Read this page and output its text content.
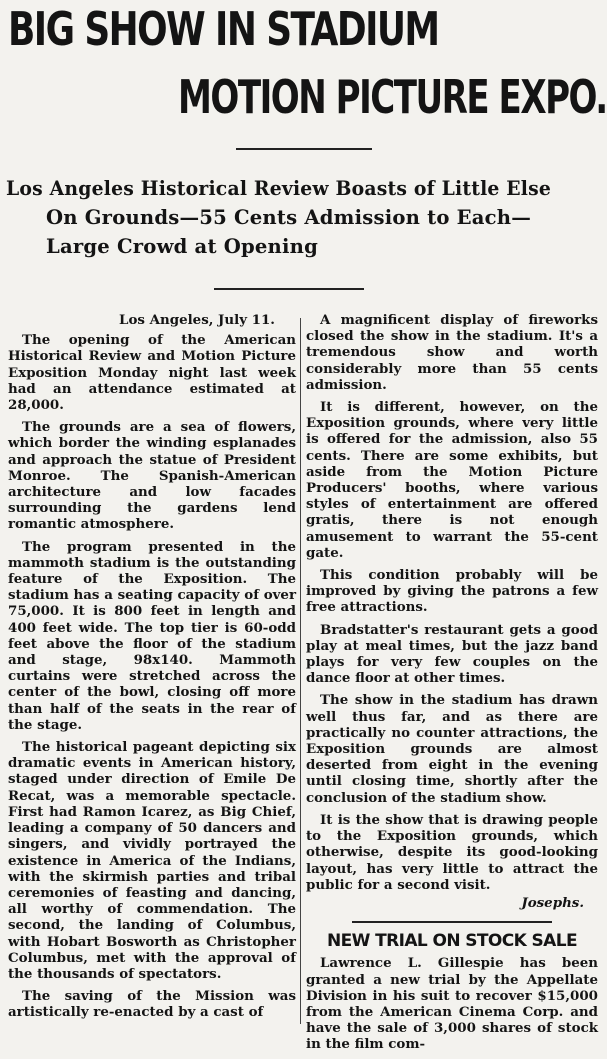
BIG SHOW IN STADIUM
MOTION PICTURE EXPO.
Los Angeles Historical Review Boasts of Little Else
On Grounds—55 Cents Admission to Each—
Large Crowd at Opening
Los Angeles, July 11.

The opening of the American Historical Review and Motion Picture Exposition Monday night last week had an attendance estimated at 28,000.

The grounds are a sea of flowers, which border the winding esplanades and approach the statue of President Monroe. The Spanish-American architecture and low facades surrounding the gardens lend romantic atmosphere.

The program presented in the mammoth stadium is the outstanding feature of the Exposition. The stadium has a seating capacity of over 75,000. It is 800 feet in length and 400 feet wide. The top tier is 60-odd feet above the floor of the stadium and stage, 98x140. Mammoth curtains were stretched across the center of the bowl, closing off more than half of the seats in the rear of the stage.

The historical pageant depicting six dramatic events in American history, staged under direction of Emile De Recat, was a memorable spectacle. First had Ramon Icarez, as Big Chief, leading a company of 50 dancers and singers, and vividly portrayed the existence in America of the Indians, with the skirmish parties and tribal ceremonies of feasting and dancing, all worthy of commendation. The second, the landing of Columbus, with Hobart Bosworth as Christopher Columbus, met with the approval of the thousands of spectators.

The saving of the Mission was artistically re-enacted by a cast of

A magnificent display of fireworks closed the show in the stadium. It's a tremendous show and worth considerably more than 55 cents admission.

It is different, however, on the Exposition grounds, where very little is offered for the admission, also 55 cents. There are some exhibits, but aside from the Motion Picture Producers' booths, where various styles of entertainment are offered gratis, there is not enough amusement to warrant the 55-cent gate.

This condition probably will be improved by giving the patrons a few free attractions.

Bradstatter's restaurant gets a good play at meal times, but the jazz band plays for very few couples on the dance floor at other times.

The show in the stadium has drawn well thus far, and as there are practically no counter attractions, the Exposition grounds are almost deserted from eight in the evening until closing time, shortly after the conclusion of the stadium show.

It is the show that is drawing people to the Exposition grounds, which otherwise, despite its good-looking layout, has very little to attract the public for a second visit.

Josephs.
NEW TRIAL ON STOCK SALE

Lawrence L. Gillespie has been granted a new trial by the Appellate Division in his suit to recover $15,000 from the American Cinema Corp. and have the sale of 3,000 shares of stock in the film com-
